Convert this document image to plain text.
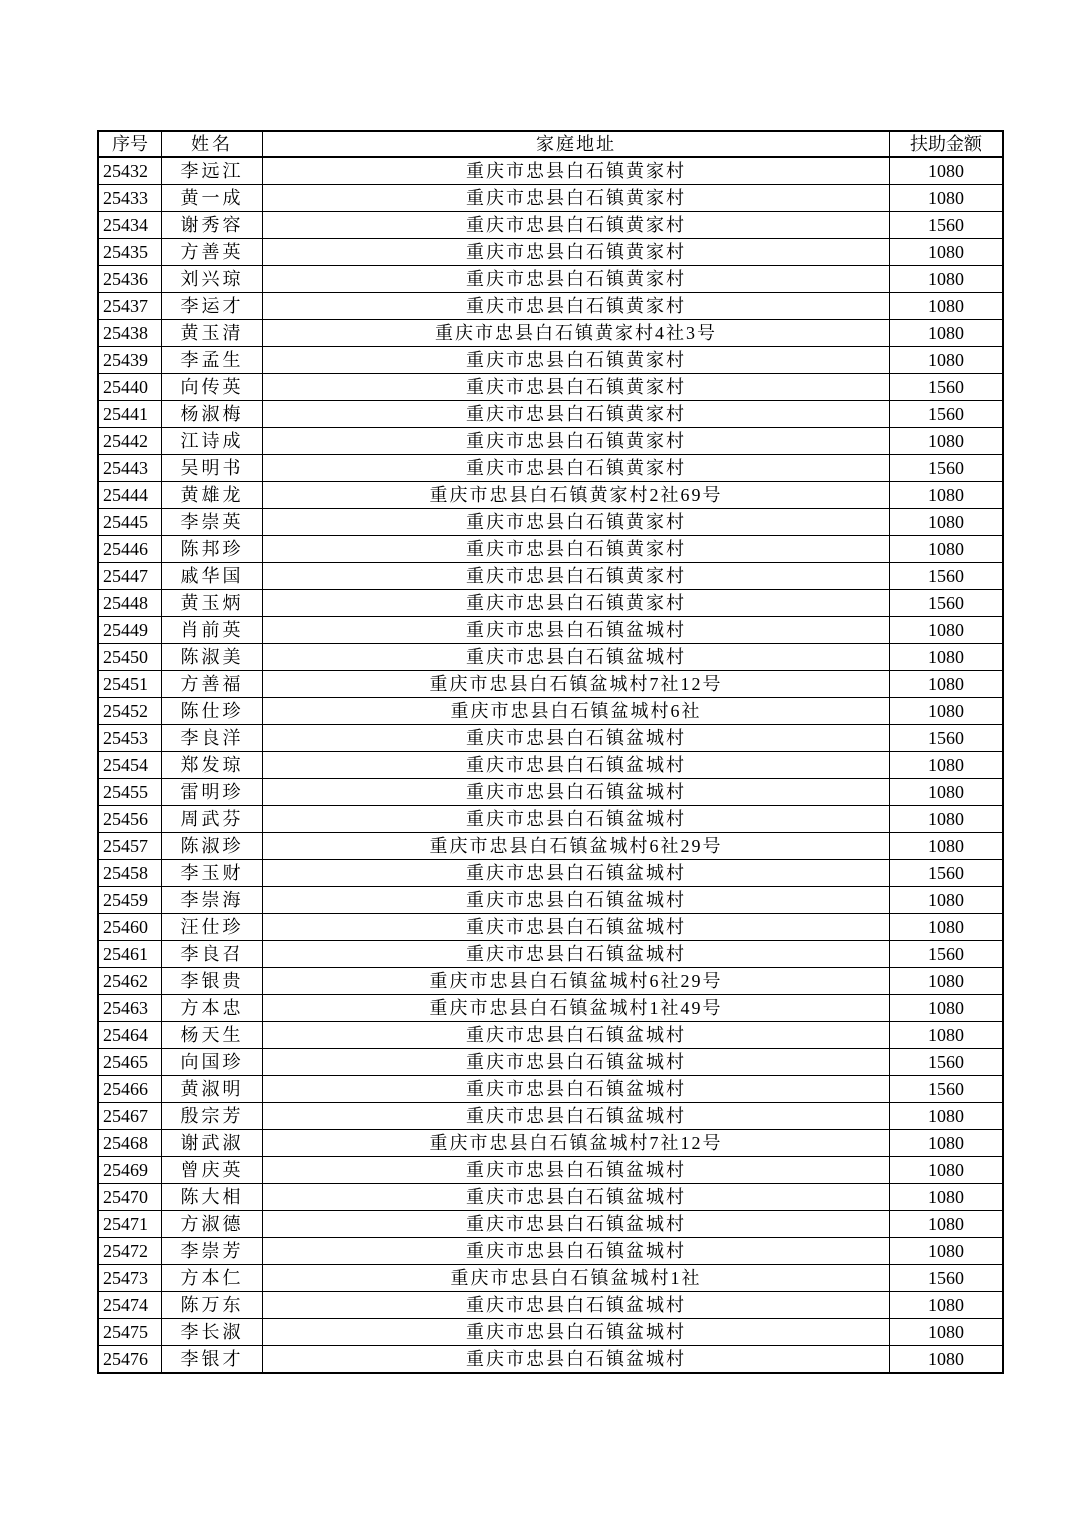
序号	姓名	家庭地址	扶助金额
25432	李远江	重庆市忠县白石镇黄家村	1080
25433	黄一成	重庆市忠县白石镇黄家村	1080
25434	谢秀容	重庆市忠县白石镇黄家村	1560
25435	方善英	重庆市忠县白石镇黄家村	1080
25436	刘兴琼	重庆市忠县白石镇黄家村	1080
25437	李运才	重庆市忠县白石镇黄家村	1080
25438	黄玉清	重庆市忠县白石镇黄家村4社3号	1080
25439	李孟生	重庆市忠县白石镇黄家村	1080
25440	向传英	重庆市忠县白石镇黄家村	1560
25441	杨淑梅	重庆市忠县白石镇黄家村	1560
25442	江诗成	重庆市忠县白石镇黄家村	1080
25443	吴明书	重庆市忠县白石镇黄家村	1560
25444	黄雄龙	重庆市忠县白石镇黄家村2社69号	1080
25445	李崇英	重庆市忠县白石镇黄家村	1080
25446	陈邦珍	重庆市忠县白石镇黄家村	1080
25447	戚华国	重庆市忠县白石镇黄家村	1560
25448	黄玉炳	重庆市忠县白石镇黄家村	1560
25449	肖前英	重庆市忠县白石镇盆城村	1080
25450	陈淑美	重庆市忠县白石镇盆城村	1080
25451	方善福	重庆市忠县白石镇盆城村7社12号	1080
25452	陈仕珍	重庆市忠县白石镇盆城村6社	1080
25453	李良洋	重庆市忠县白石镇盆城村	1560
25454	郑发琼	重庆市忠县白石镇盆城村	1080
25455	雷明珍	重庆市忠县白石镇盆城村	1080
25456	周武芬	重庆市忠县白石镇盆城村	1080
25457	陈淑珍	重庆市忠县白石镇盆城村6社29号	1080
25458	李玉财	重庆市忠县白石镇盆城村	1560
25459	李崇海	重庆市忠县白石镇盆城村	1080
25460	汪仕珍	重庆市忠县白石镇盆城村	1080
25461	李良召	重庆市忠县白石镇盆城村	1560
25462	李银贵	重庆市忠县白石镇盆城村6社29号	1080
25463	方本忠	重庆市忠县白石镇盆城村1社49号	1080
25464	杨天生	重庆市忠县白石镇盆城村	1080
25465	向国珍	重庆市忠县白石镇盆城村	1560
25466	黄淑明	重庆市忠县白石镇盆城村	1560
25467	殷宗芳	重庆市忠县白石镇盆城村	1080
25468	谢武淑	重庆市忠县白石镇盆城村7社12号	1080
25469	曾庆英	重庆市忠县白石镇盆城村	1080
25470	陈大相	重庆市忠县白石镇盆城村	1080
25471	方淑德	重庆市忠县白石镇盆城村	1080
25472	李崇芳	重庆市忠县白石镇盆城村	1080
25473	方本仁	重庆市忠县白石镇盆城村1社	1560
25474	陈万东	重庆市忠县白石镇盆城村	1080
25475	李长淑	重庆市忠县白石镇盆城村	1080
25476	李银才	重庆市忠县白石镇盆城村	1080
